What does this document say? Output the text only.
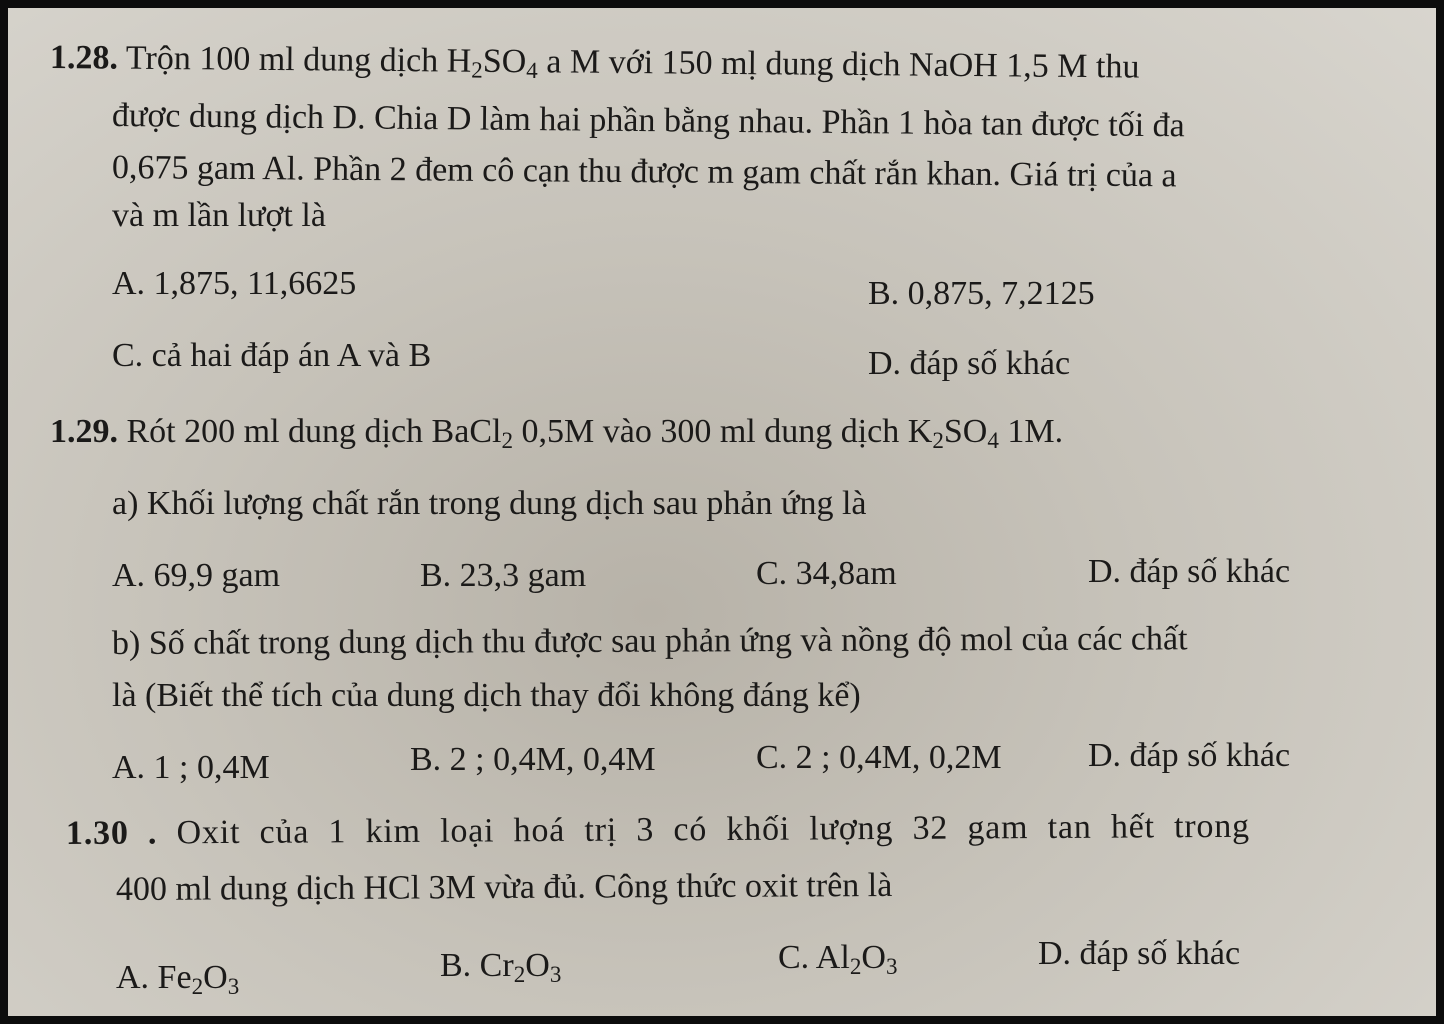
1.28. Trộn 100 ml dung dịch $H_2SO_4$ a M với 150 mḷ dung dịch NaOH 1,5 M thu
được dung dịch D. Chia D làm hai phần bằng nhau. Phần 1 hòa tan được tối đa
0,675 gam Al. Phần 2 đem cô cạn thu được m gam chất rắn khan. Giá trị của a
và m lần lượt là
A. 1,875, 11,6625	B. 0,875, 7,2125
C. cả hai đáp án A và B	D. đáp số khác
1.29. Rót 200 ml dung dịch BaCl$_2$ 0,5M vào 300 ml dung dịch $K_2SO_4$ 1M.
a) Khối lượng chất rắn trong dung dịch sau phản ứng là
A. 69,9 gam	B. 23,3 gam	C. 34,8am	D. đáp số khác
b) Số chất trong dung dịch thu được sau phản ứng và nồng độ mol của các chất
là (Biết thể tích của dung dịch thay đổi không đáng kể)
A. 1 ; 0,4M	B. 2 ; 0,4M, 0,4M	C. 2 ; 0,4M, 0,2M	D. đáp số khác
1.30 . Oxit của 1 kim loại hoá trị 3 có khối lượng 32 gam tan hết trong
400 ml dung dịch HCl 3M vừa đủ. Công thức oxit trên là
A. $Fe_2O_3$
B. $Cr_2O_3$	C. $Al_2O_3$	D. đáp số khác
